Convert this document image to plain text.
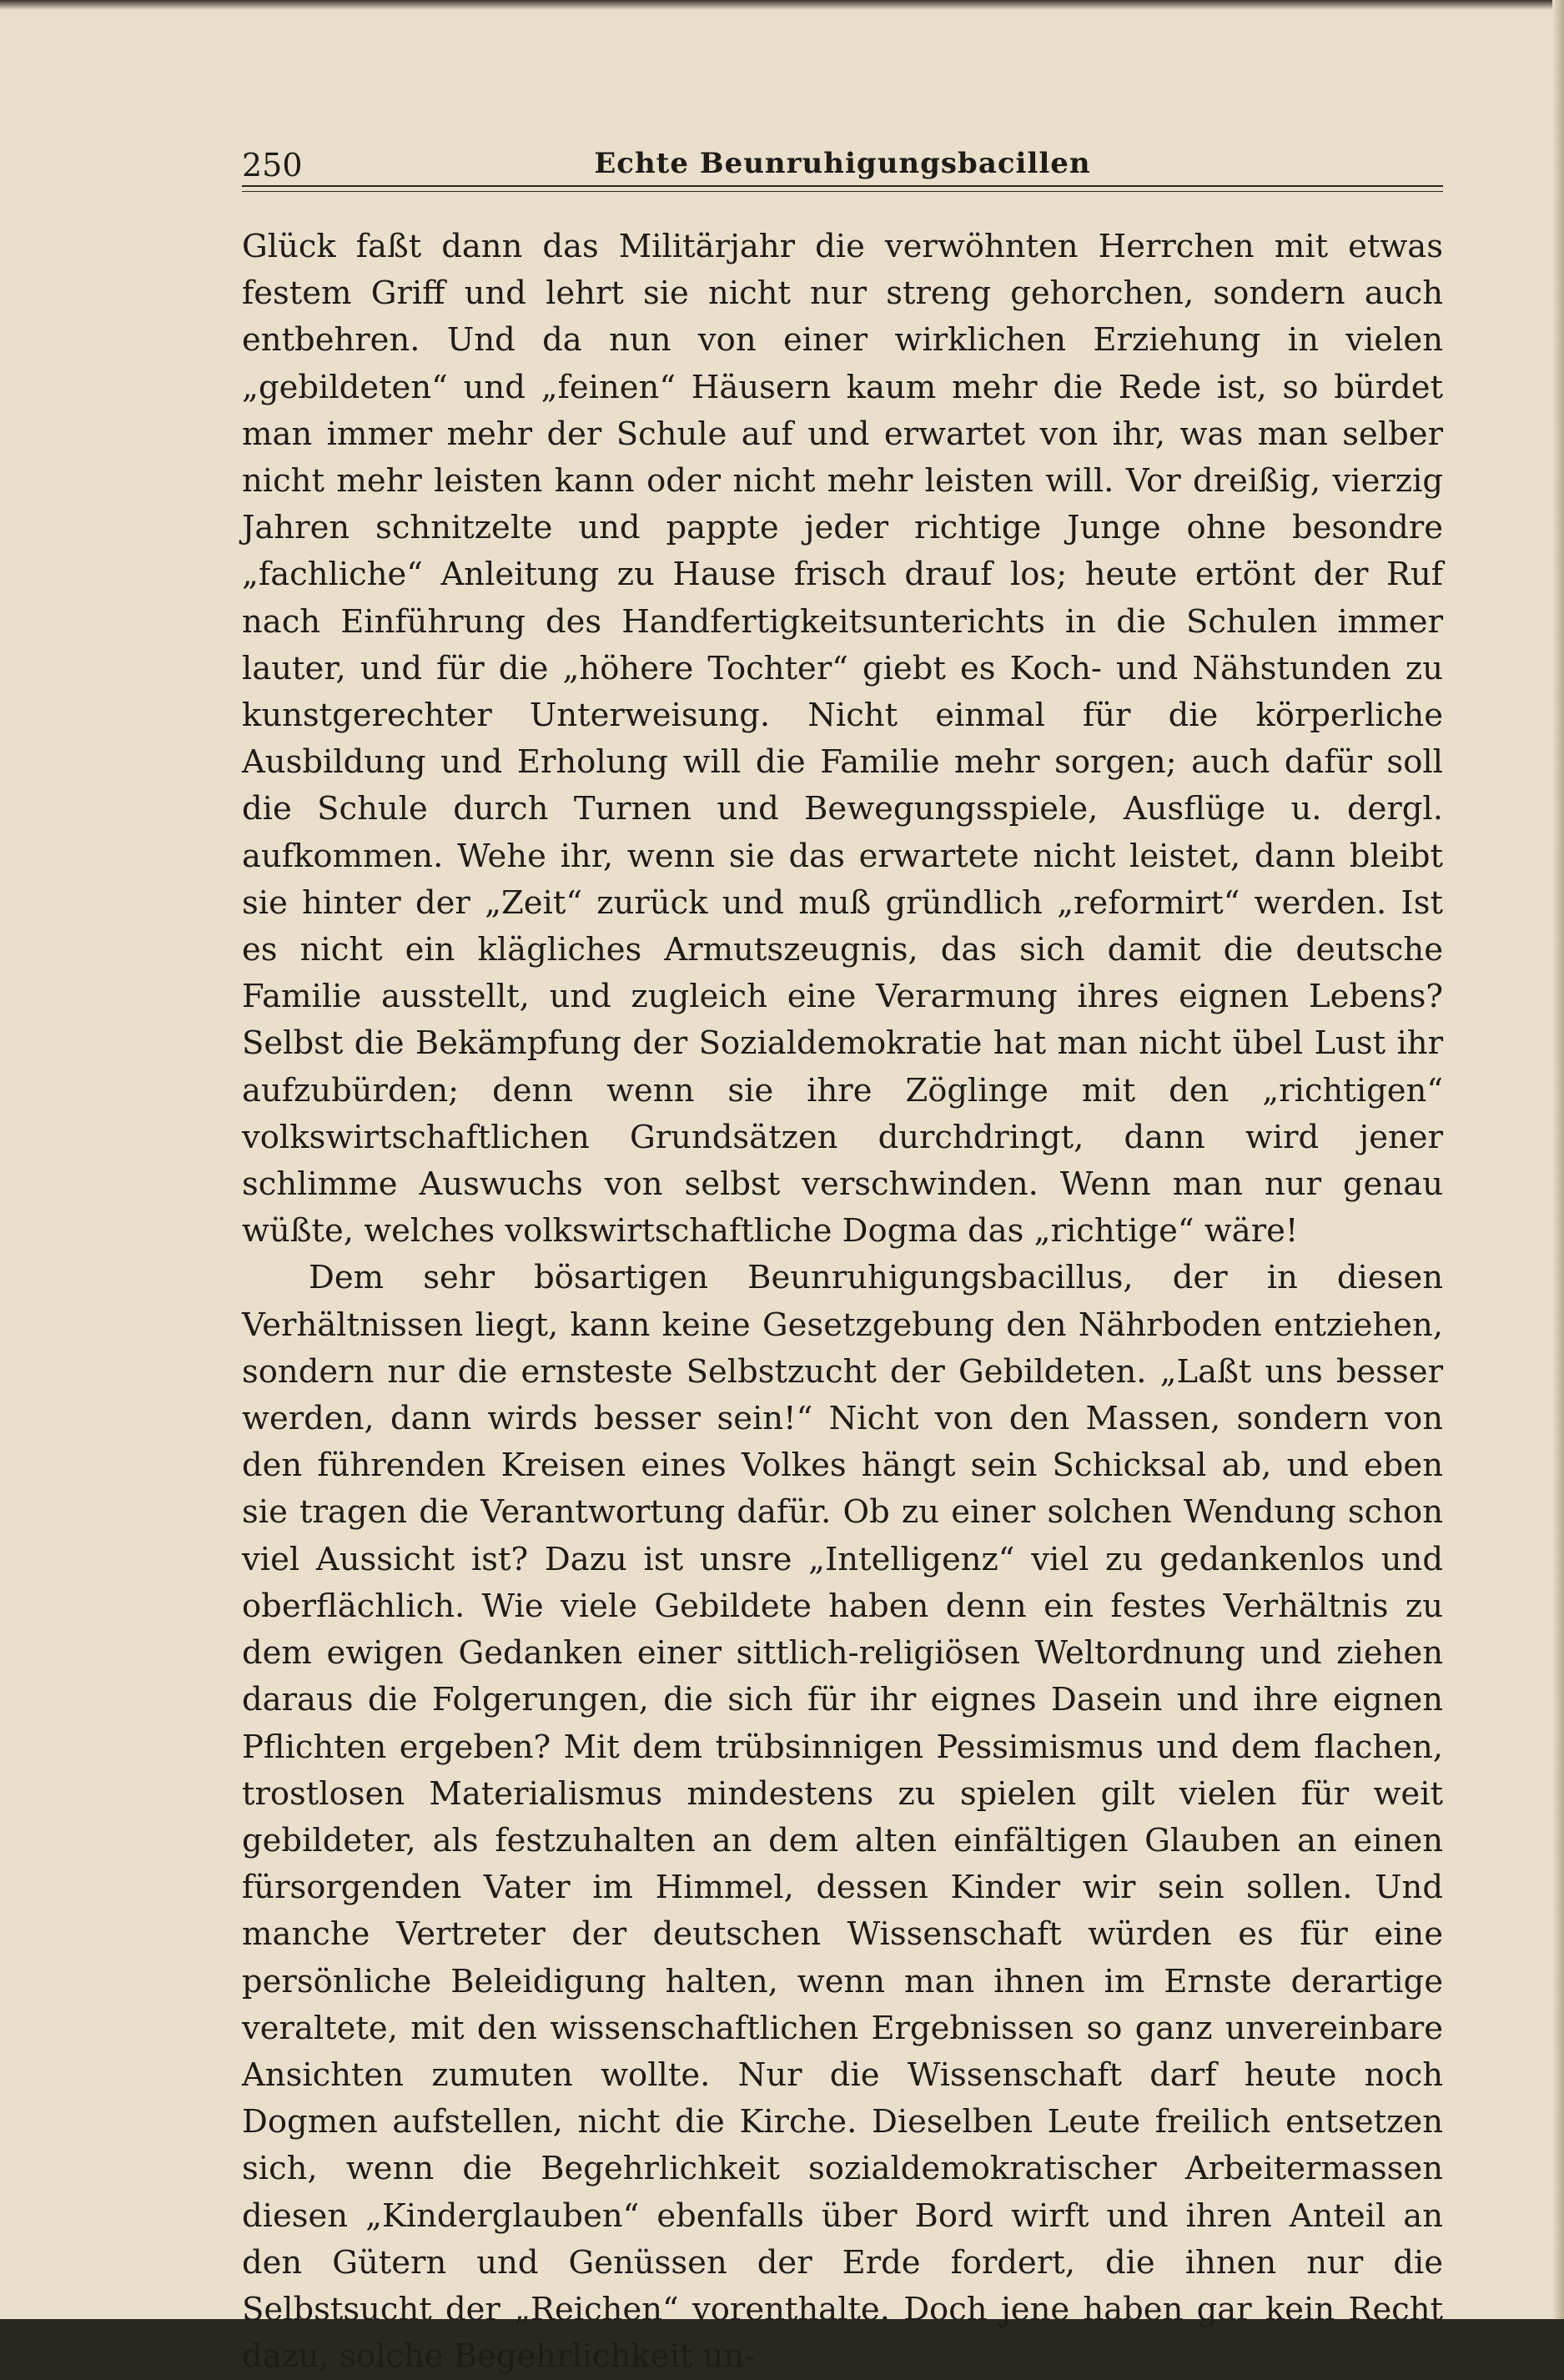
250	Echte Beunruhigungsbacillen

Glück faßt dann das Militärjahr die verwöhnten Herrchen mit etwas festem Griff und lehrt sie nicht nur streng gehorchen, sondern auch entbehren. Und da nun von einer wirklichen Erziehung in vielen „gebildeten“ und „feinen“ Häusern kaum mehr die Rede ist, so bürdet man immer mehr der Schule auf und erwartet von ihr, was man selber nicht mehr leisten kann oder nicht mehr leisten will. Vor dreißig, vierzig Jahren schnitzelte und pappte jeder richtige Junge ohne besondre „fachliche“ Anleitung zu Hause frisch drauf los; heute ertönt der Ruf nach Einführung des Handfertigkeitsunterichts in die Schulen immer lauter, und für die „höhere Tochter“ giebt es Koch- und Nähstunden zu kunstgerechter Unterweisung. Nicht einmal für die körperliche Ausbildung und Erholung will die Familie mehr sorgen; auch dafür soll die Schule durch Turnen und Bewegungsspiele, Ausflüge u. dergl. aufkommen. Wehe ihr, wenn sie das erwartete nicht leistet, dann bleibt sie hinter der „Zeit“ zurück und muß gründlich „reformirt“ werden. Ist es nicht ein klägliches Armutszeugnis, das sich damit die deutsche Familie ausstellt, und zugleich eine Verarmung ihres eignen Lebens? Selbst die Bekämpfung der Sozialdemokratie hat man nicht übel Lust ihr aufzubürden; denn wenn sie ihre Zöglinge mit den „richtigen“ volkswirtschaftlichen Grundsätzen durchdringt, dann wird jener schlimme Auswuchs von selbst verschwinden. Wenn man nur genau wüßte, welches volkswirtschaftliche Dogma das „richtige“ wäre!

Dem sehr bösartigen Beunruhigungsbacillus, der in diesen Verhältnissen liegt, kann keine Gesetzgebung den Nährboden entziehen, sondern nur die ernsteste Selbstzucht der Gebildeten. „Laßt uns besser werden, dann wirds besser sein!“ Nicht von den Massen, sondern von den führenden Kreisen eines Volkes hängt sein Schicksal ab, und eben sie tragen die Verantwortung dafür. Ob zu einer solchen Wendung schon viel Aussicht ist? Dazu ist unsre „Intelligenz“ viel zu gedankenlos und oberflächlich. Wie viele Gebildete haben denn ein festes Verhältnis zu dem ewigen Gedanken einer sittlich-religiösen Weltordnung und ziehen daraus die Folgerungen, die sich für ihr eignes Dasein und ihre eignen Pflichten ergeben? Mit dem trübsinnigen Pessimismus und dem flachen, trostlosen Materialismus mindestens zu spielen gilt vielen für weit gebildeter, als festzuhalten an dem alten einfältigen Glauben an einen fürsorgenden Vater im Himmel, dessen Kinder wir sein sollen. Und manche Vertreter der deutschen Wissenschaft würden es für eine persönliche Beleidigung halten, wenn man ihnen im Ernste derartige veraltete, mit den wissenschaftlichen Ergebnissen so ganz unvereinbare Ansichten zumuten wollte. Nur die Wissenschaft darf heute noch Dogmen aufstellen, nicht die Kirche. Dieselben Leute freilich entsetzen sich, wenn die Begehrlichkeit sozialdemokratischer Arbeitermassen diesen „Kinderglauben“ ebenfalls über Bord wirft und ihren Anteil an den Gütern und Genüssen der Erde fordert, die ihnen nur die Selbstsucht der „Reichen“ vorenthalte. Doch jene haben gar kein Recht dazu, solche Begehrlichkeit un-
